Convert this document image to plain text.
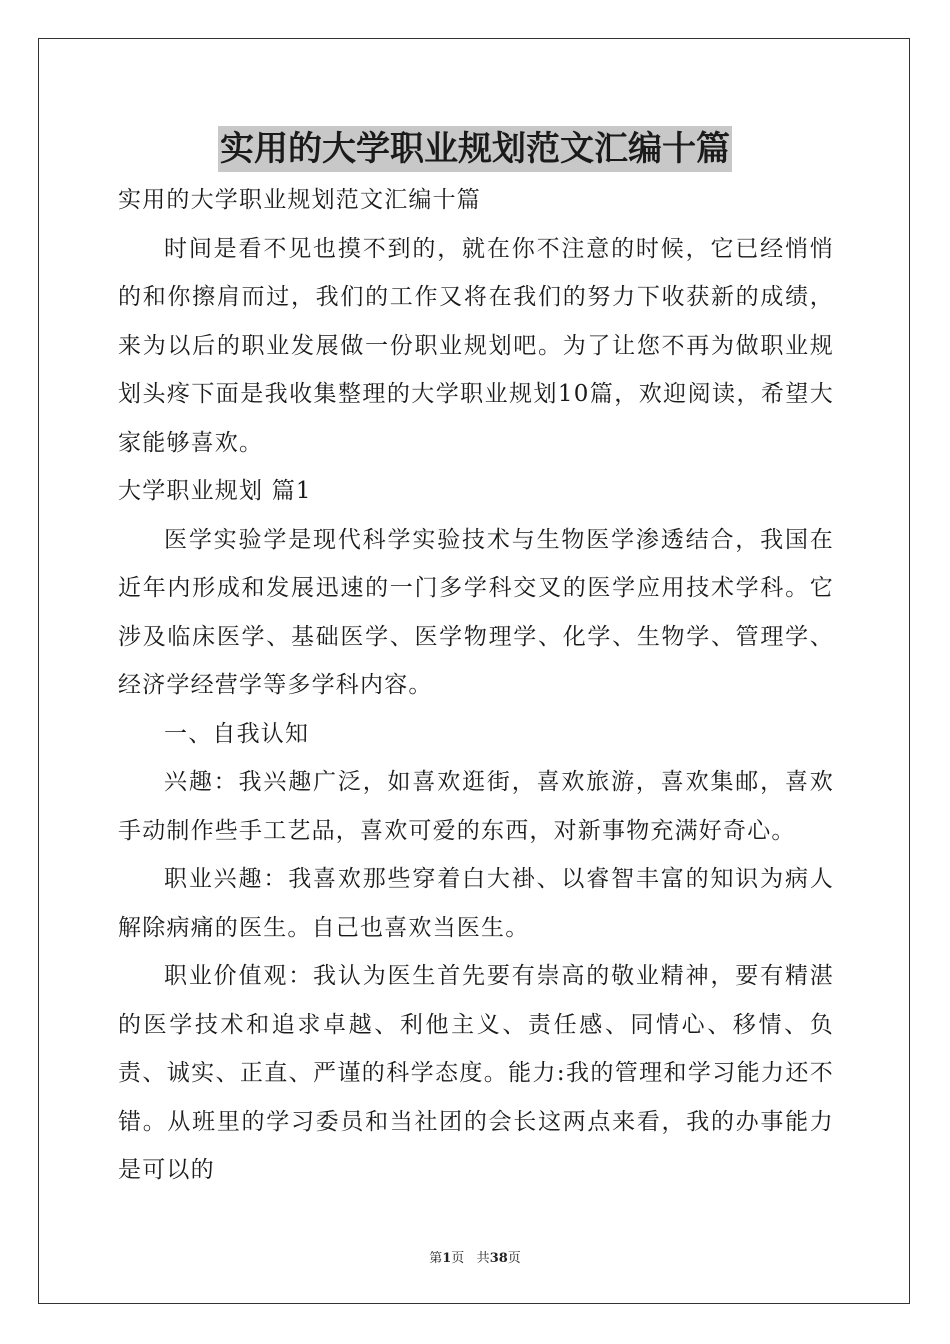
实用的大学职业规划范文汇编十篇

实用的大学职业规划范文汇编十篇

时间是看不见也摸不到的，就在你不注意的时候，它已经悄悄的和你擦肩而过，我们的工作又将在我们的努力下收获新的成绩，来为以后的职业发展做一份职业规划吧。为了让您不再为做职业规划头疼下面是我收集整理的大学职业规划10篇，欢迎阅读，希望大家能够喜欢。

大学职业规划 篇1

医学实验学是现代科学实验技术与生物医学渗透结合，我国在近年内形成和发展迅速的一门多学科交叉的医学应用技术学科。它涉及临床医学、基础医学、医学物理学、化学、生物学、管理学、经济学经营学等多学科内容。

一、自我认知

兴趣：我兴趣广泛，如喜欢逛街，喜欢旅游，喜欢集邮，喜欢手动制作些手工艺品，喜欢可爱的东西，对新事物充满好奇心。

职业兴趣：我喜欢那些穿着白大褂、以睿智丰富的知识为病人解除病痛的医生。自己也喜欢当医生。

职业价值观：我认为医生首先要有崇高的敬业精神，要有精湛的医学技术和追求卓越、利他主义、责任感、同情心、移情、负责、诚实、正直、严谨的科学态度。能力:我的管理和学习能力还不错。从班里的学习委员和当社团的会长这两点来看，我的办事能力是可以的

第1页 共38页
